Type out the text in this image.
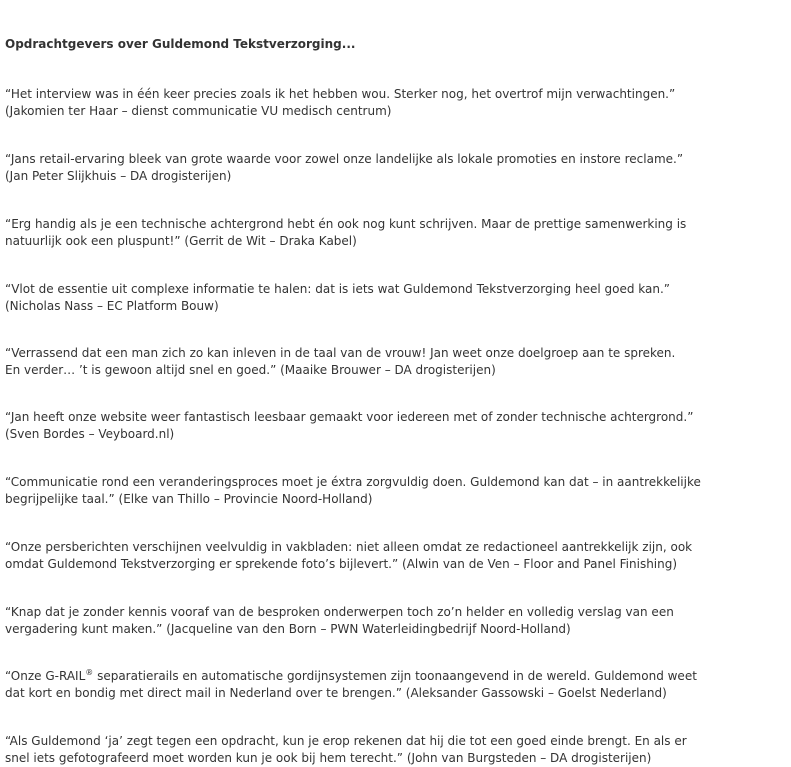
Opdrachtgevers over Guldemond Tekstverzorging...

“Het interview was in één keer precies zoals ik het hebben wou. Sterker nog, het overtrof mijn verwachtingen.”
(Jakomien ter Haar – dienst communicatie VU medisch centrum)

“Jans retail-ervaring bleek van grote waarde voor zowel onze landelijke als lokale promoties en instore reclame.”
(Jan Peter Slijkhuis – DA drogisterijen)

“Erg handig als je een technische achtergrond hebt én ook nog kunt schrijven. Maar de prettige samenwerking is
natuurlijk ook een pluspunt!” (Gerrit de Wit – Draka Kabel)

“Vlot de essentie uit complexe informatie te halen: dat is iets wat Guldemond Tekstverzorging heel goed kan.”
(Nicholas Nass – EC Platform Bouw)

“Verrassend dat een man zich zo kan inleven in de taal van de vrouw! Jan weet onze doelgroep aan te spreken.
En verder… ’t is gewoon altijd snel en goed.” (Maaike Brouwer – DA drogisterijen)

“Jan heeft onze website weer fantastisch leesbaar gemaakt voor iedereen met of zonder technische achtergrond.”
(Sven Bordes – Veyboard.nl)

“Communicatie rond een veranderingsproces moet je éxtra zorgvuldig doen. Guldemond kan dat – in aantrekkelijke
begrijpelijke taal.” (Elke van Thillo – Provincie Noord-Holland)

“Onze persberichten verschijnen veelvuldig in vakbladen: niet alleen omdat ze redactioneel aantrekkelijk zijn, ook
omdat Guldemond Tekstverzorging er sprekende foto’s bijlevert.” (Alwin van de Ven – Floor and Panel Finishing)

“Knap dat je zonder kennis vooraf van de besproken onderwerpen toch zo’n helder en volledig verslag van een
vergadering kunt maken.” (Jacqueline van den Born – PWN Waterleidingbedrijf Noord-Holland)

“Onze G-RAIL® separatierails en automatische gordijnsystemen zijn toonaangevend in de wereld. Guldemond weet
dat kort en bondig met direct mail in Nederland over te brengen.” (Aleksander Gassowski – Goelst Nederland)

“Als Guldemond ‘ja’ zegt tegen een opdracht, kun je erop rekenen dat hij die tot een goed einde brengt. En als er
snel iets gefotografeerd moet worden kun je ook bij hem terecht.” (John van Burgsteden – DA drogisterijen)
